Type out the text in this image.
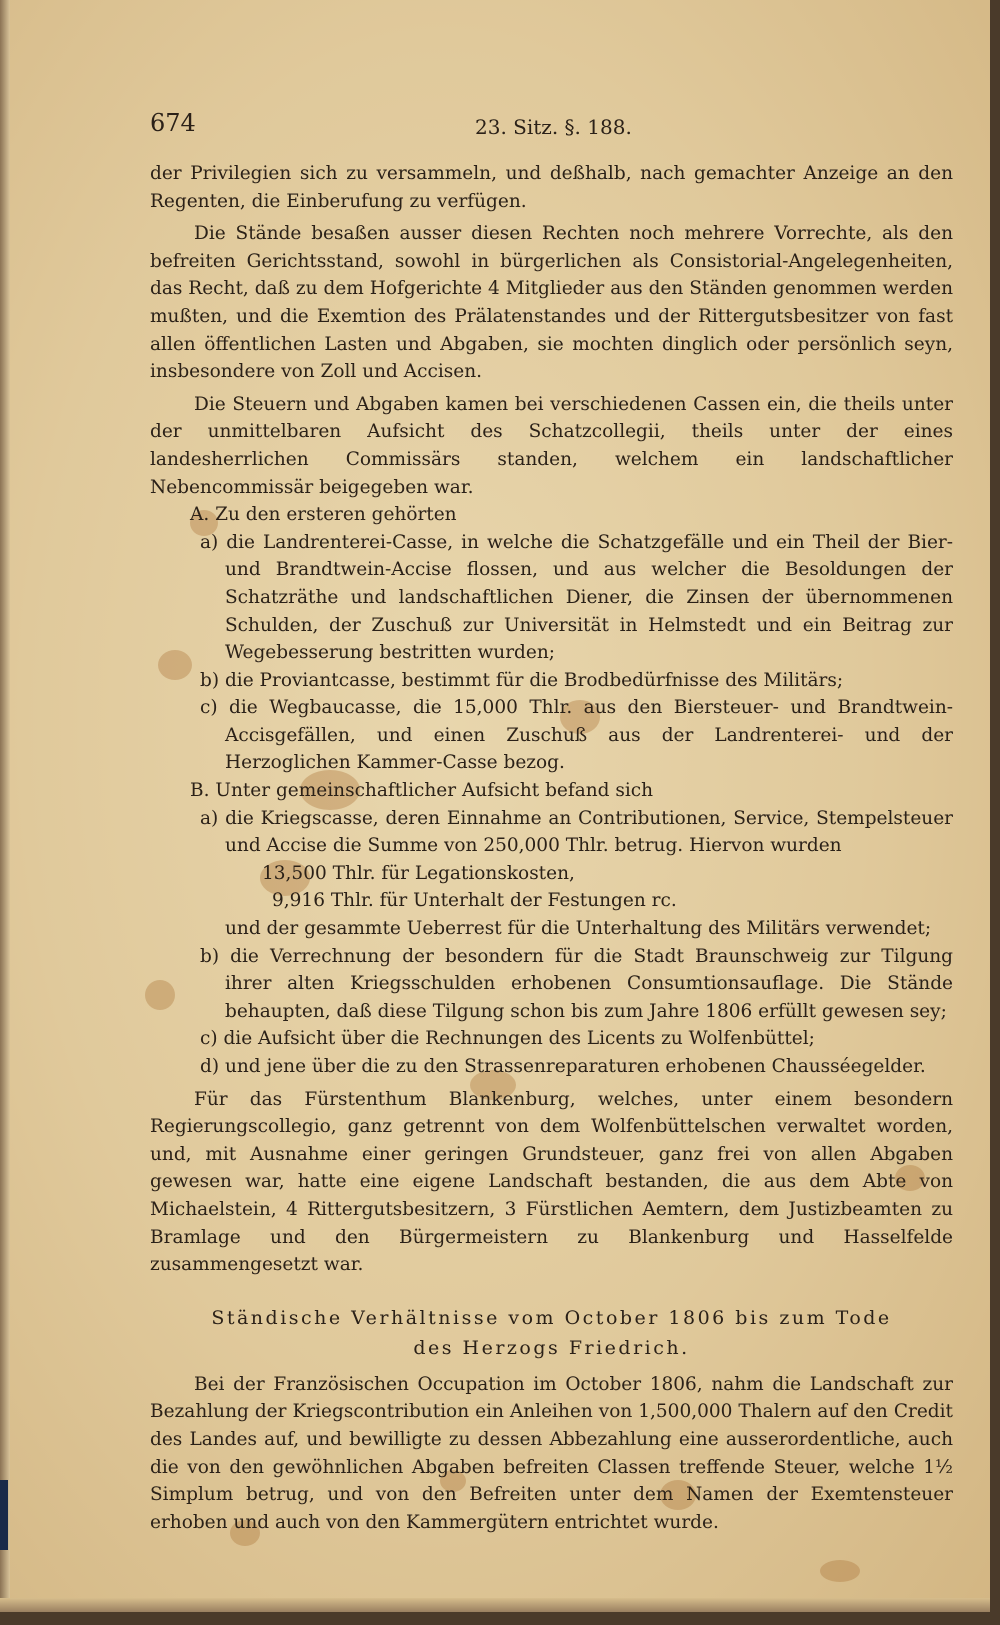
674	23. Sitz. §. 188.

der Privilegien sich zu versammeln, und deßhalb, nach gemachter Anzeige an den Regenten, die Einberufung zu verfügen.

Die Stände besaßen ausser diesen Rechten noch mehrere Vorrechte, als den befreiten Gerichtsstand, sowohl in bürgerlichen als Consistorial-Angelegenheiten, das Recht, daß zu dem Hofgerichte 4 Mitglieder aus den Ständen genommen werden mußten, und die Exemtion des Prälatenstandes und der Rittergutsbesitzer von fast allen öffentlichen Lasten und Abgaben, sie mochten dinglich oder persönlich seyn, insbesondere von Zoll und Accisen.

Die Steuern und Abgaben kamen bei verschiedenen Cassen ein, die theils unter der unmittelbaren Aufsicht des Schatzcollegii, theils unter der eines landesherrlichen Commissärs standen, welchem ein landschaftlicher Nebencommissär beigegeben war.

A. Zu den ersteren gehörten

a) die Landrenterei-Casse, in welche die Schatzgefälle und ein Theil der Bier- und Brandtwein-Accise flossen, und aus welcher die Besoldungen der Schatzräthe und landschaftlichen Diener, die Zinsen der übernommenen Schulden, der Zuschuß zur Universität in Helmstedt und ein Beitrag zur Wegebesserung bestritten wurden;

b) die Proviantcasse, bestimmt für die Brodbedürfnisse des Militärs;

c) die Wegbaucasse, die 15,000 Thlr. aus den Biersteuer- und Brandtwein-Accisgefällen, und einen Zuschuß aus der Landrenterei- und der Herzoglichen Kammer-Casse bezog.

B. Unter gemeinschaftlicher Aufsicht befand sich

a) die Kriegscasse, deren Einnahme an Contributionen, Service, Stempelsteuer und Accise die Summe von 250,000 Thlr. betrug. Hiervon wurden

13,500 Thlr. für Legationskosten,

9,916 Thlr. für Unterhalt der Festungen rc.

und der gesammte Ueberrest für die Unterhaltung des Militärs verwendet;

b) die Verrechnung der besondern für die Stadt Braunschweig zur Tilgung ihrer alten Kriegsschulden erhobenen Consumtionsauflage. Die Stände behaupten, daß diese Tilgung schon bis zum Jahre 1806 erfüllt gewesen sey;

c) die Aufsicht über die Rechnungen des Licents zu Wolfenbüttel;

d) und jene über die zu den Strassenreparaturen erhobenen Chausséegelder.

Für das Fürstenthum Blankenburg, welches, unter einem besondern Regierungscollegio, ganz getrennt von dem Wolfenbüttelschen verwaltet worden, und, mit Ausnahme einer geringen Grundsteuer, ganz frei von allen Abgaben gewesen war, hatte eine eigene Landschaft bestanden, die aus dem Abte von Michaelstein, 4 Rittergutsbesitzern, 3 Fürstlichen Aemtern, dem Justizbeamten zu Bramlage und den Bürgermeistern zu Blankenburg und Hasselfelde zusammengesetzt war.

Ständische Verhältnisse vom October 1806 bis zum Tode
des Herzogs Friedrich.

Bei der Französischen Occupation im October 1806, nahm die Landschaft zur Bezahlung der Kriegscontribution ein Anleihen von 1,500,000 Thalern auf den Credit des Landes auf, und bewilligte zu dessen Abbezahlung eine ausserordentliche, auch die von den gewöhnlichen Abgaben befreiten Classen treffende Steuer, welche 1½ Simplum betrug, und von den Befreiten unter dem Namen der Exemtensteuer erhoben und auch von den Kammergütern entrichtet wurde.
